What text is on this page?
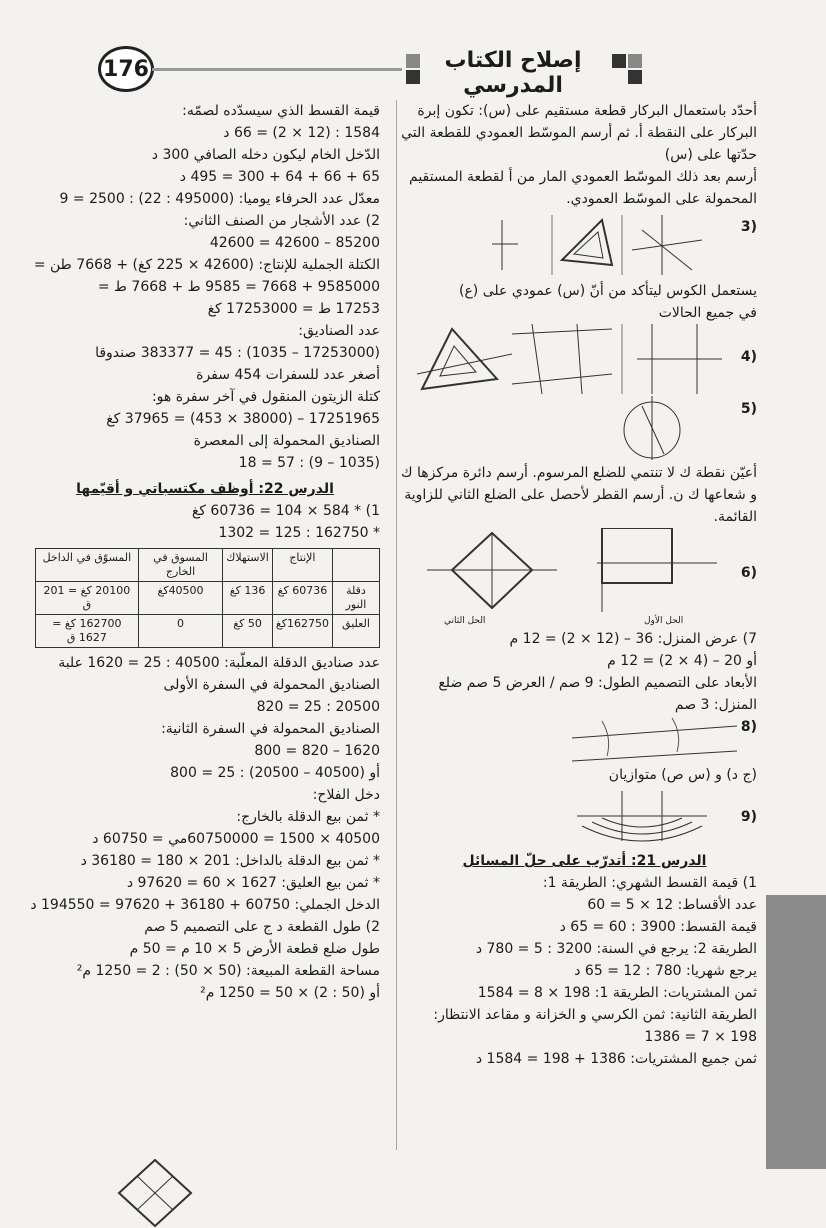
176	إصلاح الكتاب المدرسي
أحدّد باستعمال البركار قطعة مستقيم على (س): تكون إبرة
البركار على النقطة أ. ثم أرسم الموسّط العمودي للقطعة التي
حدّتها على (س)
أرسم بعد ذلك الموسّط العمودي المار من أ لقطعة المستقيم
المحمولة على الموسّط العمودي.
(3
يستعمل الكوس ليتأكد من أنّ (س) عمودي على (ع)
في جميع الحالات
(4
(5
أعيّن نقطة ك لا تنتمي للضلع المرسوم. أرسم دائرة مركزها ك
و شعاعها ك ن. أرسم القطر لأحصل على الضلع الثاني للزاوية
القائمة.
(6
الحل الثاني	الحل الأول
7) عرض المنزل: 36 – (12 × 2) = 12 م
أو 20 – (4 × 2) = 12 م
الأبعاد على التصميم الطول: 9 صم / العرض 5 صم ضلع
المنزل: 3 صم
(8
(ج د) و (س ص) متوازيان
(9
الدرس 21: أتدرّب على حلّ المسائل
1) قيمة القسط الشهري: الطريقة 1:
عدد الأقساط: 12 × 5 = 60
قيمة القسط: 3900 : 60 = 65 د
الطريقة 2: يرجع في السنة: 3200 : 5 = 780 د
يرجع شهريا: 780 : 12 = 65 د
ثمن المشتريات: الطريقة 1: 198 × 8 = 1584
الطريقة الثانية: ثمن الكرسي و الخزانة و مقاعد الانتظار:
198 × 7 = 1386
ثمن جميع المشتريات: 1386 + 198 = 1584 د
قيمة القسط الذي سيسدّده لصمّه:
1584 : (12 × 2) = 66 د
الدّخل الخام ليكون دخله الصافي 300 د
65 + 66 + 64 + 300 = 495 د
معدّل عدد الحرفاء يوميا: (495000 : 22) : 2500 = 9
2) عدد الأشجار من الصنف الثاني:
85200 – 42600 = 42600
الكتلة الجملية للإنتاج: (42600 × 225 كغ) + 7668 طن =
9585000 + 7668 = 9585 ط + 7668 ط =
17253 ط = 17253000 كغ
عدد الصناديق:
(17253000 – 1035) : 45 = 383377 صندوقا
أصغر عدد للسفرات 454 سفرة
كتلة الزيتون المنقول في آخر سفرة هو:
17251965 – (38000 × 453) = 37965 كغ
الصناديق المحمولة إلى المعصرة
(1035 – 9) : 57 = 18
الدرس 22: أوظف مكتسباتي و أقيّمها
1) * 584 × 104 = 60736 كغ
* 162750 : 125 = 1302
	الإنتاج	الاستهلاك	المسوق في الخارج	المسوّق في الداخل
دقلة النور	60736 كغ	136 كغ	40500كغ	20100 كغ = 201 ق
العليق	162750كغ	50 كغ	0	162700 كغ = 1627 ق
عدد صناديق الدقلة المعلّبة: 40500 : 25 = 1620 علبة
الصناديق المحمولة في السفرة الأولى
20500 : 25 = 820
الصناديق المحمولة في السفرة الثانية:
1620 – 820 = 800
أو (40500 – 20500) : 25 = 800
دخل الفلاح:
* ثمن بيع الدقلة بالخارج:
40500 × 1500 = 60750000مي = 60750 د
* ثمن بيع الدقلة بالداخل: 201 × 180 = 36180 د
* ثمن بيع العليق: 1627 × 60 = 97620 د
الدخل الجملي: 60750 + 36180 + 97620 = 194550 د
2) طول القطعة د ج على التصميم 5 صم
طول ضلع قطعة الأرض 5 × 10 م = 50 م
مساحة القطعة المبيعة: (50 × 50) : 2 = 1250 م²
أو (50 : 2) × 50 = 1250 م²
